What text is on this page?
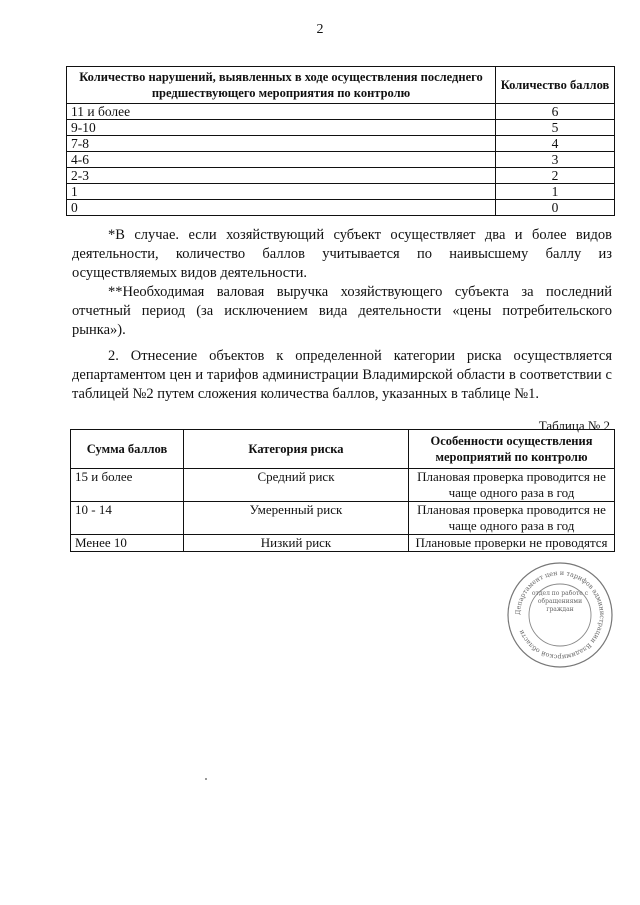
2
Количество нарушений, выявленных в ходе осуществления последнего предшествующего мероприятия по контролю	Количество баллов
11 и более	6
9-10	5
7-8	4
4-6	3
2-3	2
1	1
0	0
*В случае. если хозяйствующий субъект осуществляет два и более видов деятельности, количество баллов учитывается по наивысшему баллу из осуществляемых видов деятельности.
**Необходимая валовая выручка хозяйствующего субъекта за последний отчетный период (за исключением вида деятельности «цены потребительского рынка»).
2. Отнесение объектов к определенной категории риска осуществляется департаментом цен и тарифов администрации Владимирской области в соответствии с таблицей №2 путем сложения количества баллов, указанных в таблице №1.
Таблица № 2
Сумма баллов	Категория риска	Особенности осуществления мероприятий по контролю
15 и более	Средний риск	Плановая проверка проводится не чаще одного раза в год
10 - 14	Умеренный риск	Плановая проверка проводится не чаще одного раза в год
Менее 10	Низкий риск	Плановые проверки не проводятся
Департамент цен и тарифов администрации Владимирской области
отдел по работе с обращениями граждан
